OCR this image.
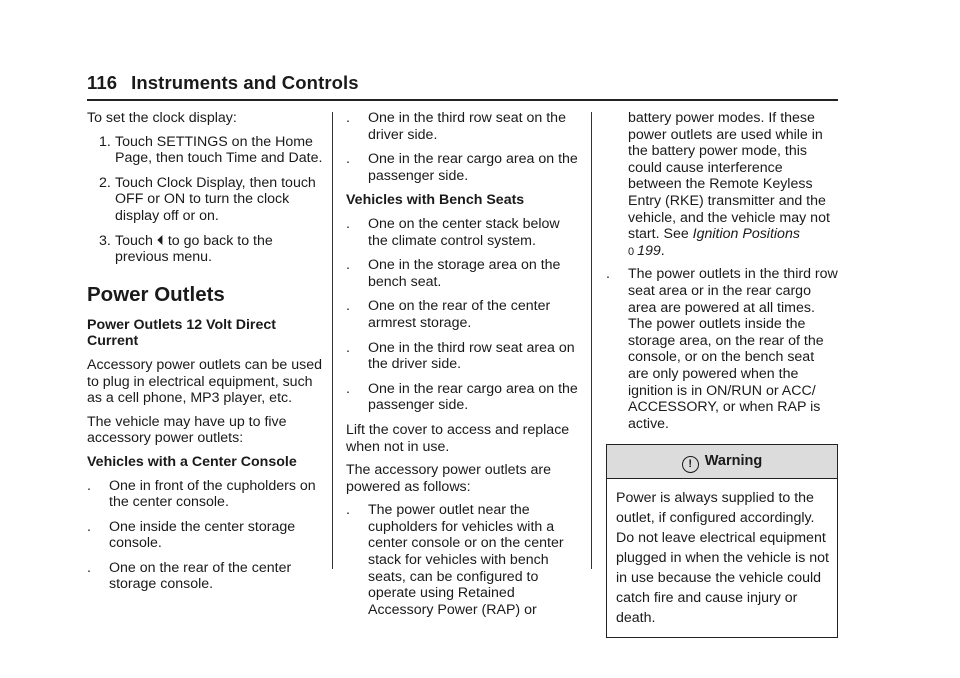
116 Instruments and Controls

To set the clock display:

1. Touch SETTINGS on the Home Page, then touch Time and Date.
2. Touch Clock Display, then touch OFF or ON to turn the clock display off or on.
3. Touch ⏴ to go back to the previous menu.
Power Outlets

Power Outlets 12 Volt Direct Current

Accessory power outlets can be used to plug in electrical equipment, such as a cell phone, MP3 player, etc.

The vehicle may have up to five accessory power outlets:

Vehicles with a Center Console

. One in front of the cupholders on the center console.
. One inside the center storage console.
. One on the rear of the center storage console.
. One in the third row seat on the driver side.
. One in the rear cargo area on the passenger side.

Vehicles with Bench Seats

. One on the center stack below the climate control system.
. One in the storage area on the bench seat.
. One on the rear of the center armrest storage.
. One in the third row seat area on the driver side.
. One in the rear cargo area on the passenger side.

Lift the cover to access and replace when not in use.

The accessory power outlets are powered as follows:

. The power outlet near the cupholders for vehicles with a center console or on the center stack for vehicles with bench seats, can be configured to operate using Retained Accessory Power (RAP) or
battery power modes. If these power outlets are used while in the battery power mode, this could cause interference between the Remote Keyless Entry (RKE) transmitter and the vehicle, and the vehicle may not start. See Ignition Positions
0 199.
. The power outlets in the third row seat area or in the rear cargo area are powered at all times. The power outlets inside the storage area, on the rear of the console, or on the bench seat are only powered when the ignition is in ON/RUN or ACC/ ACCESSORY, or when RAP is active.
! Warning
Power is always supplied to the outlet, if configured accordingly. Do not leave electrical equipment plugged in when the vehicle is not in use because the vehicle could catch fire and cause injury or death.
